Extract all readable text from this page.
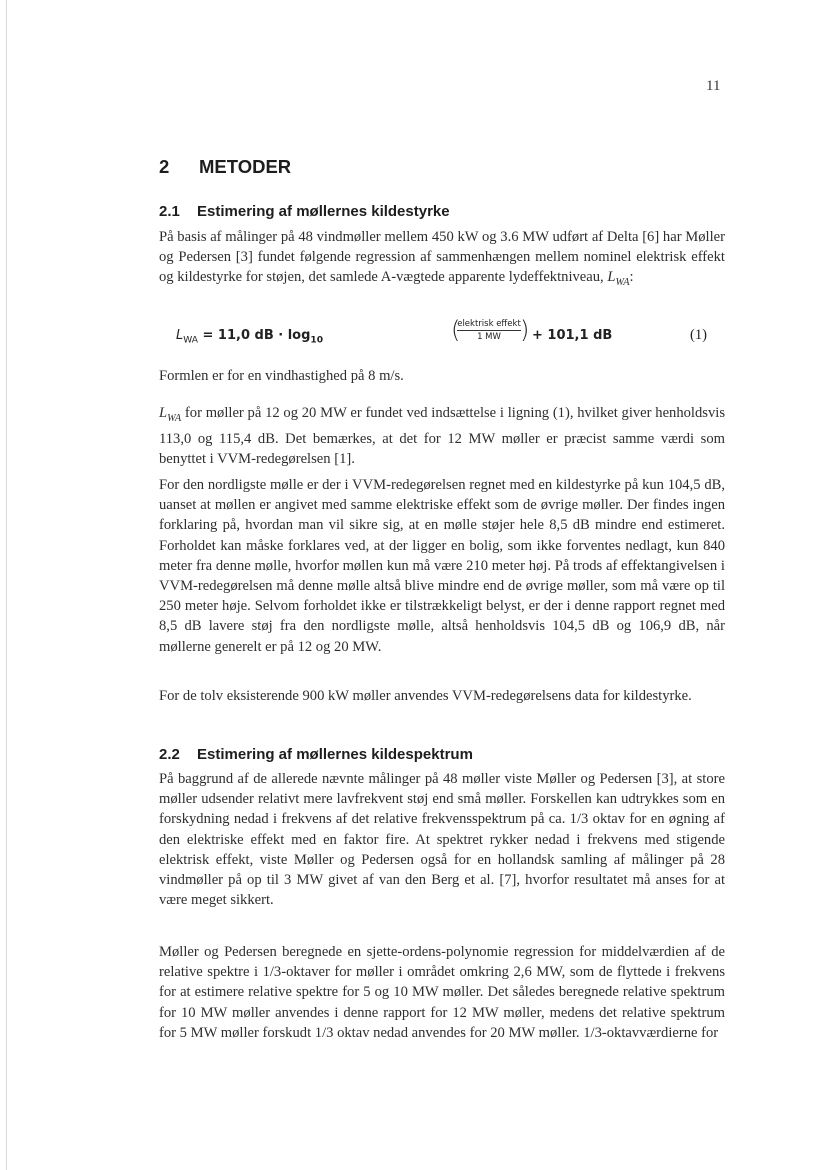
11
2 METODER
2.1 Estimering af møllernes kildestyrke

På basis af målinger på 48 vindmøller mellem 450 kW og 3.6 MW udført af Delta [6] har Møller og Pedersen [3] fundet følgende regression af sammenhængen mellem nominel elektrisk effekt og kildestyrke for støjen, det samlede A-vægtede apparente lydeffektniveau, $L_{WA}$:

$L_{WA} = 11,0$ dB · $\log_{10}$	(
elektrisk effekt
1 MW ) + 101,1 dB	(1)

Formlen er for en vindhastighed på 8 m/s.

$L_{WA}$ for møller på 12 og 20 MW er fundet ved indsættelse i ligning (1), hvilket giver henholdsvis 113,0 og 115,4 dB. Det bemærkes, at det for 12 MW møller er præcist samme værdi som benyttet i VVM-redegørelsen [1].

For den nordligste mølle er der i VVM-redegørelsen regnet med en kildestyrke på kun 104,5 dB, uanset at møllen er angivet med samme elektriske effekt som de øvrige møller. Der findes ingen forklaring på, hvordan man vil sikre sig, at en mølle støjer hele 8,5 dB mindre end estimeret. Forholdet kan måske forklares ved, at der ligger en bolig, som ikke forventes nedlagt, kun 840 meter fra denne mølle, hvorfor møllen kun må være 210 meter høj. På trods af effektangivelsen i VVM-redegørelsen må denne mølle altså blive mindre end de øvrige møller, som må være op til 250 meter høje. Selvom forholdet ikke er tilstrækkeligt belyst, er der i denne rapport regnet med 8,5 dB lavere støj fra den nordligste mølle, altså henholdsvis 104,5 dB og 106,9 dB, når møllerne generelt er på 12 og 20 MW.

For de tolv eksisterende 900 kW møller anvendes VVM-redegørelsens data for kildestyrke.

2.2 Estimering af møllernes kildespektrum

På baggrund af de allerede nævnte målinger på 48 møller viste Møller og Pedersen [3], at store møller udsender relativt mere lavfrekvent støj end små møller. Forskellen kan udtrykkes som en forskydning nedad i frekvens af det relative frekvensspektrum på ca. 1/3 oktav for en øgning af den elektriske effekt med en faktor fire. At spektret rykker nedad i frekvens med stigende elektrisk effekt, viste Møller og Pedersen også for en hollandsk samling af målinger på 28 vindmøller på op til 3 MW givet af van den Berg et al. [7], hvorfor resultatet må anses for at være meget sikkert.

Møller og Pedersen beregnede en sjette-ordens-polynomie regression for middelværdien af de relative spektre i 1/3-oktaver for møller i området omkring 2,6 MW, som de flyttede i frekvens for at estimere relative spektre for 5 og 10 MW møller. Det således beregnede relative spektrum for 10 MW møller anvendes i denne rapport for 12 MW møller, medens det relative spektrum for 5 MW møller forskudt 1/3 oktav nedad anvendes for 20 MW møller. 1/3-oktavværdierne for
